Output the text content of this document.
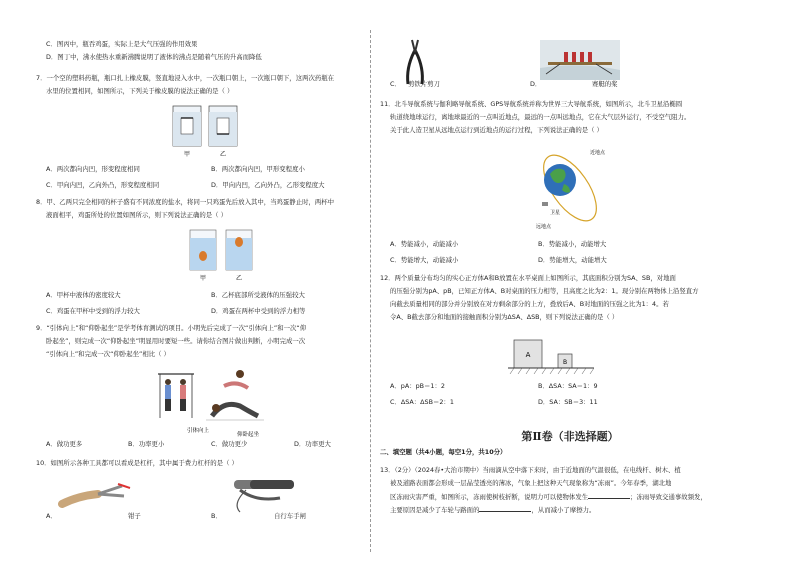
C．图丙中，瓶吞鸡蛋，实际上是大气压强的作用效果
D．图丁中，沸水使热水重新沸腾说明了液体的沸点是随着气压的升高而降低
7．一个空的塑料药瓶，瓶口扎上橡皮膜，竖直地浸入水中，一次瓶口朝上，一次瓶口朝下，这两次药瓶在
水里的位置相同，如图所示，下列关于橡皮膜的说法正确的是（ ）
甲	乙
A．两次都向内凹，形变程度相同	B．两次都向内凹，甲形变程度小
C．甲向内凹，乙向外凸，形变程度相同	D．甲向内凹，乙向外凸，乙形变程度大
8．甲、乙两只完全相同的杯子盛有不同浓度的盐水，将同一只鸡蛋先后放入其中，当鸡蛋静止时，两杯中
液面相平，鸡蛋所处的位置如图所示，则下列说法正确的是（ ）
甲	乙
A．甲杯中液体的密度较大	B．乙杯底部所受液体的压强较大
C．鸡蛋在甲杯中受到的浮力较大	D．鸡蛋在两杯中受到的浮力相等
9．“引体向上”和“仰卧起坐”是学考体育测试的项目。小明先后完成了一次“引体向上”和一次“仰
卧起坐”，则完成一次“仰卧起坐”明显用时要短一些。请你结合图片做出判断，小明完成一次
“引体向上”和完成一次“仰卧起坐”相比（ ）
引体向上
仰卧起坐
A．做功更多	B．功率更小	C．做功更少	D．功率更大
10．如图所示各种工具都可以看成是杠杆，其中属于费力杠杆的是（ ）
A．	钳子	B．	自行车手闸
C． 剪铁片剪刀	D．	赛艇的桨
11．北斗导航系统与伽利略导航系统、GPS导航系统并称为世界三大导航系统，如图所示，北斗卫星沿椭圆
轨道绕地球运行，离地球最近的一点叫近地点，最远的一点叫远地点，它在大气层外运行，不受空气阻力。
关于此人造卫星从远地点运行到近地点的运行过程，下列说法正确的是（ ）
近地点
卫星
远地点
A．势能减小，动能减小	B．势能减小，动能增大
C．势能增大，动能减小	D．势能增大，动能增大
12．两个质量分布均匀的实心正方体A和B放置在水平桌面上如图所示，其底面积分别为SA、SB，对地面
的压强分别为pA、pB，已知正方体A、B对桌面的压力相等，且高度之比为2：1。现分别在两物体上沿竖直方
向截去质量相同的部分并分别放在对方剩余部分的上方，叠放后A、B对地面的压强之比为1：4。若
令A、B截去部分和地面的接触面积分别为ΔSA、ΔSB，则下列说法正确的是（ ）
A
B
A．pA：pB＝1：2	B．ΔSA：SA＝1：9
C．ΔSA：ΔSB＝2：1	D．SA：SB＝3：11
第Ⅱ卷（非选择题）
二、填空题（共4小题，每空1分，共10分）
13．（2分）（2024春•大治市期中）当雨滴从空中落下来时，由于近地面的气温很低，在电线杆、树木、植
被及道路表面都会形成一层晶莹透亮的薄冰，气象上把这种天气现象称为“冻雨”。今年春季，湖北地
区冻雨灾害严重，如图所示，冻雨使树枝折断，说明力可以使物体发生	；冻雨导致交通事故频发，
主要原因是减少了车轮与路面的	，从而减小了摩擦力。
